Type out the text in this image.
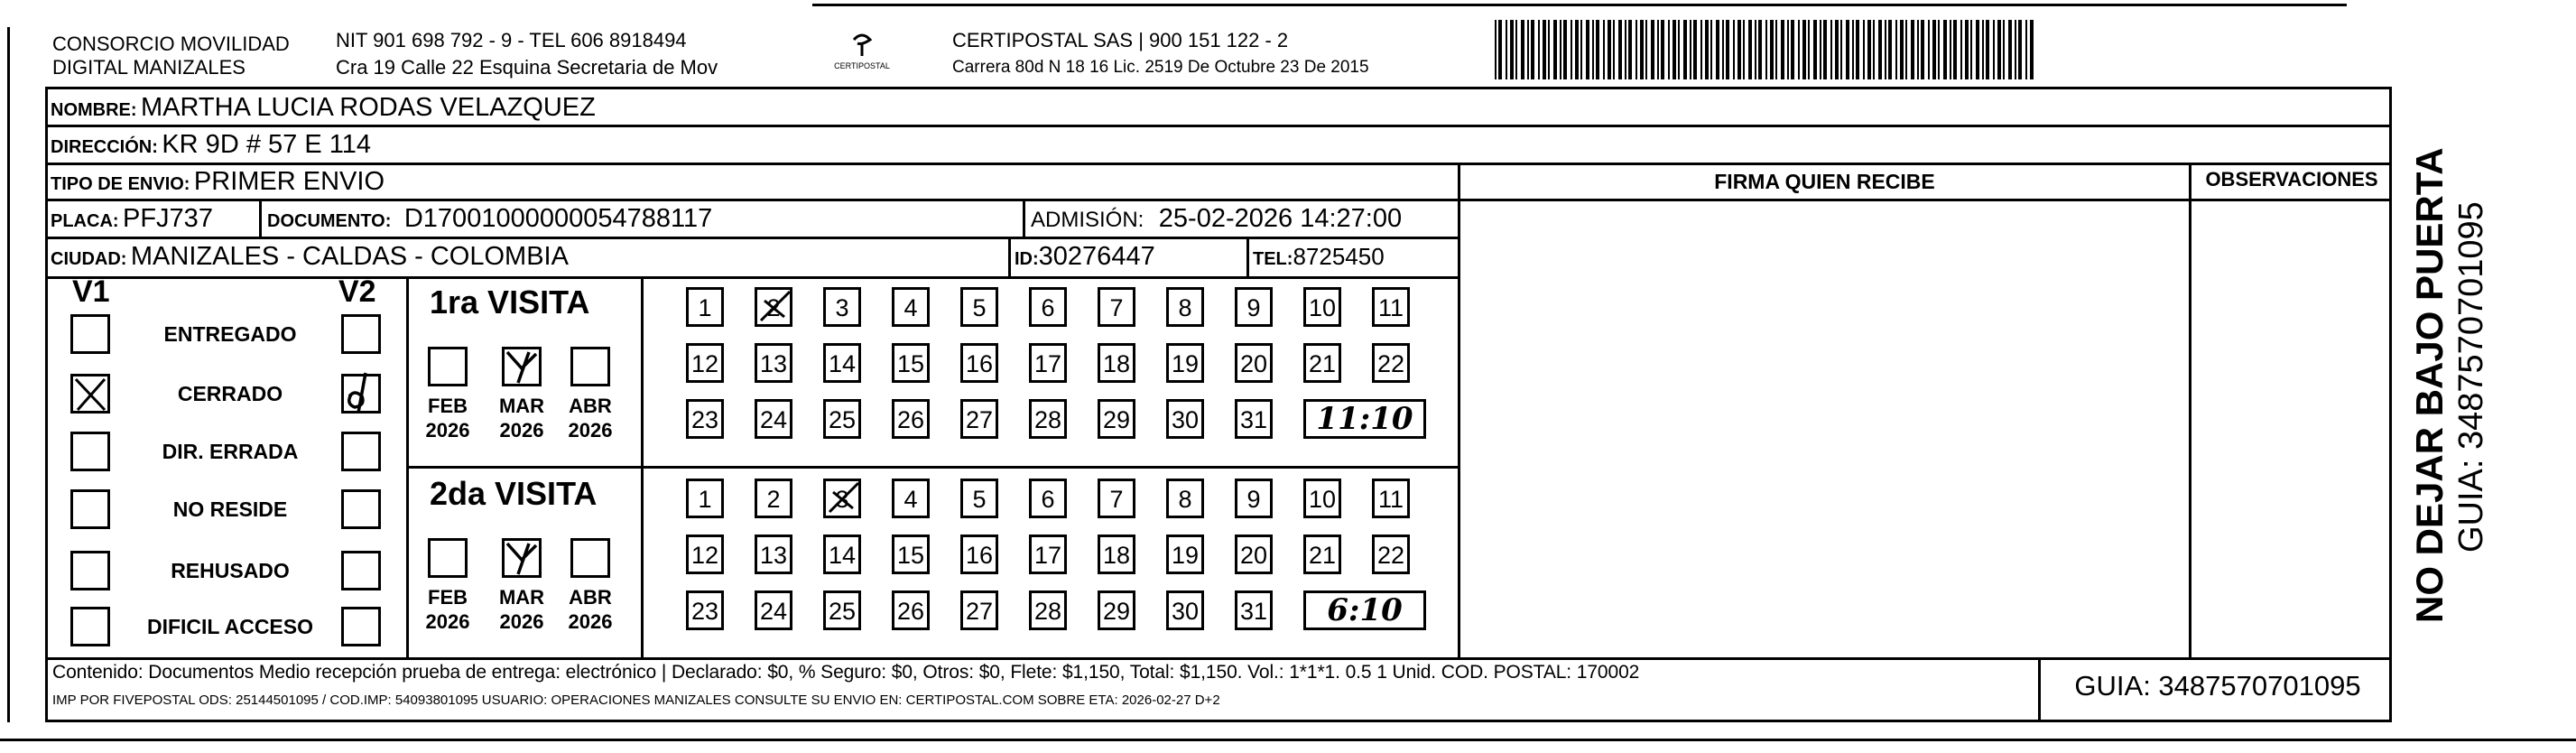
CONSORCIO MOVILIDAD
DIGITAL MANIZALES
NIT 901 698 792 - 9 - TEL 606 8918494
Cra 19 Calle 22 Esquina Secretaria de Mov	CERTIPOSTAL
CERTIPOSTAL SAS | 900 151 122 - 2
Carrera 80d N 18 16 Lic. 2519 De Octubre 23 De 2015
NOMBRE: MARTHA LUCIA RODAS VELAZQUEZ
DIRECCIÓN: KR 9D # 57 E 114
TIPO DE ENVIO: PRIMER ENVIO
PLACA: PFJ737	DOCUMENTO: D17001000000054788117	ADMISIÓN: 25-02-2026 14:27:00
CIUDAD: MANIZALES - CALDAS - COLOMBIA	ID:30276447	TEL:8725450
FIRMA QUIEN RECIBE	OBSERVACIONES
V1	V2
ENTREGADO
CERRADO
DIR. ERRADA
NO RESIDE
REHUSADO
DIFICIL ACCESO
1ra VISITA
FEB
2026
MAR
2026
ABR
2026
1	2	3	4	5	6	7	8	9	10 11
12 13 14 15 16 17 18 19 20 21 22
23 24 25 26 27 28 29 30 31	11:10
2da VISITA
FEB
2026
MAR
2026
ABR
2026
1	2	3	4	5	6	7	8	9	10 11
12 13 14 15 16 17 18 19 20 21 22
23 24 25 26 27 28 29 30 31	6:10
Contenido: Documentos Medio recepción prueba de entrega: electrónico | Declarado: $0, % Seguro: $0, Otros: $0, Flete: $1,150, Total: $1,150. Vol.: 1*1*1. 0.5 1 Unid. COD. POSTAL: 170002
IMP POR FIVEPOSTAL ODS: 25144501095 / COD.IMP: 54093801095 USUARIO: OPERACIONES MANIZALES CONSULTE SU ENVIO EN: CERTIPOSTAL.COM SOBRE ETA: 2026-02-27 D+2	GUIA: 3487570701095
NO DEJAR BAJO PUERTA GUIA: 3487570701095
